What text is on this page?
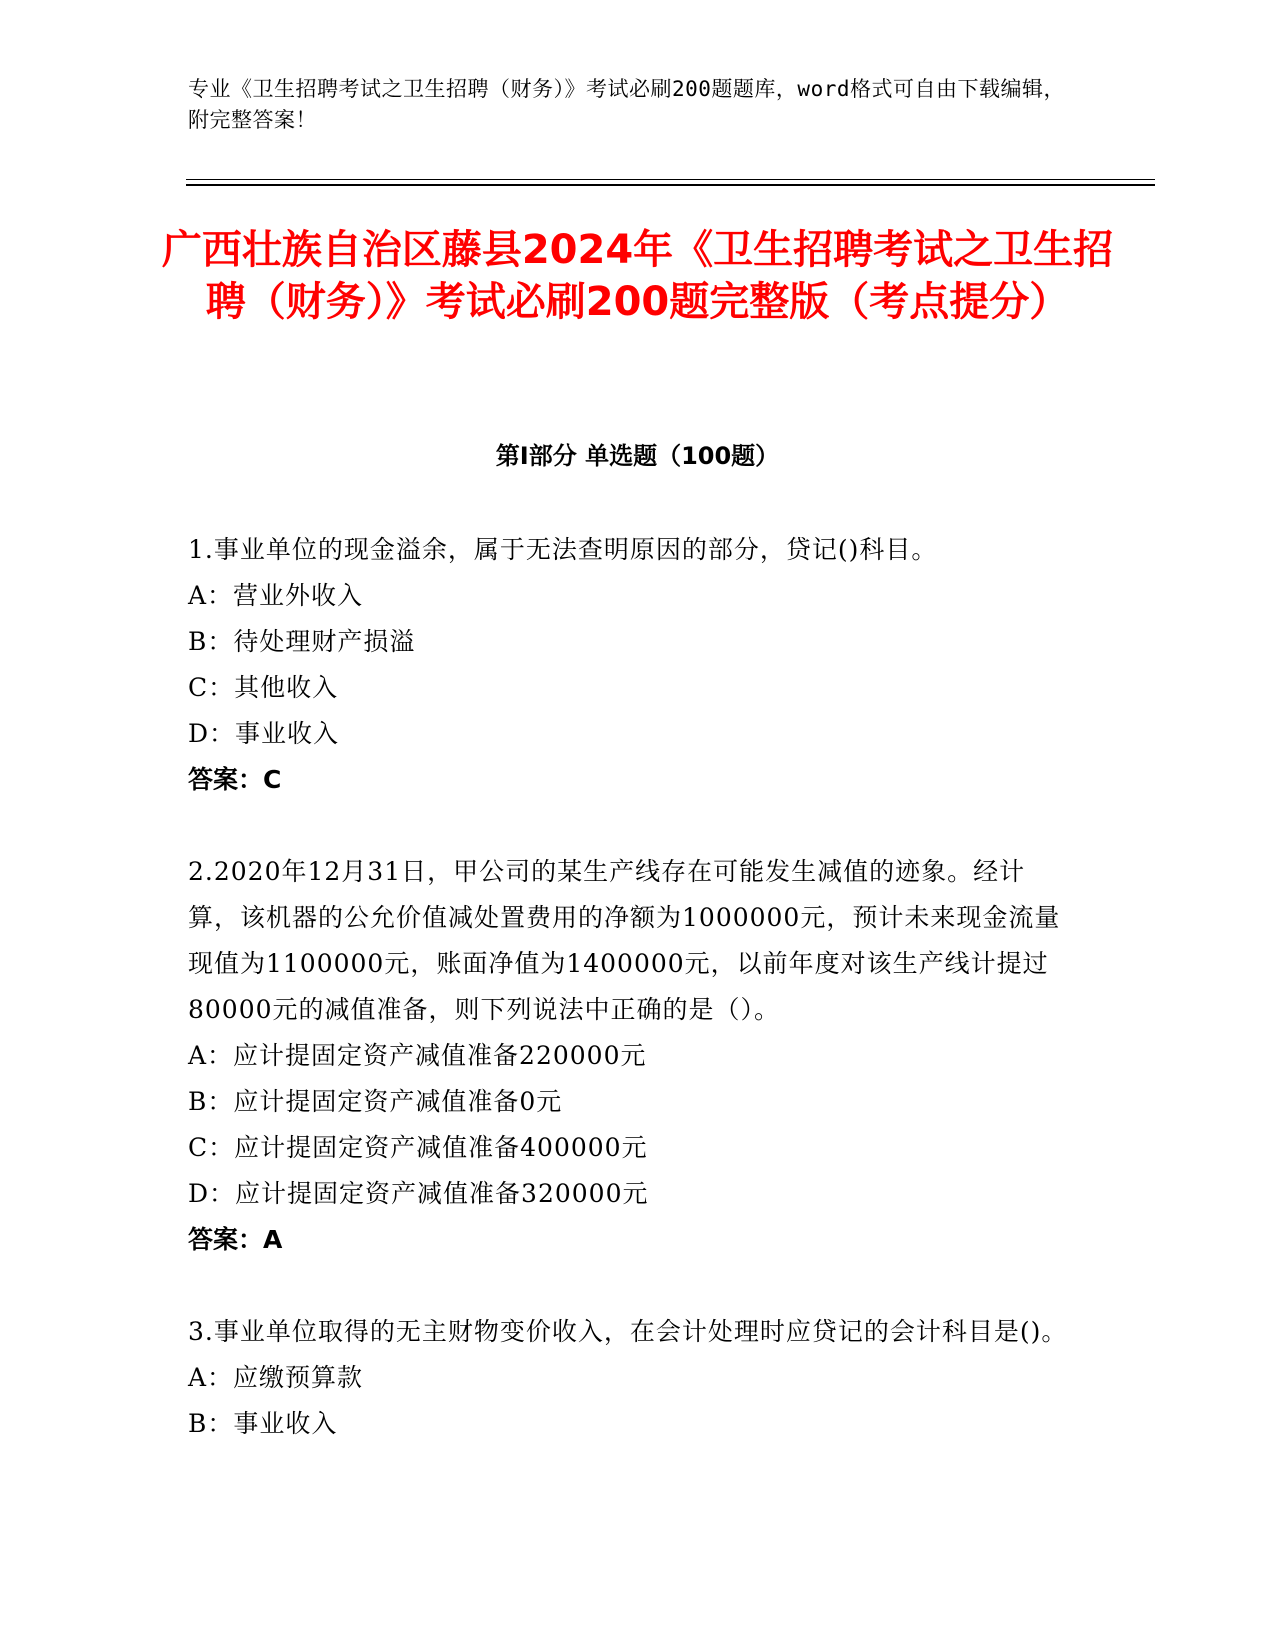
专业《卫生招聘考试之卫生招聘（财务）》考试必刷200题题库，word格式可自由下载编辑，附完整答案！
广西壮族自治区藤县2024年《卫生招聘考试之卫生招聘（财务）》考试必刷200题完整版（考点提分）
第Ⅰ部分 单选题（100题）
1.事业单位的现金溢余，属于无法查明原因的部分，贷记()科目。
A：营业外收入
B：待处理财产损溢
C：其他收入
D：事业收入
答案：C
2.2020年12月31日，甲公司的某生产线存在可能发生减值的迹象。经计算，该机器的公允价值减处置费用的净额为1000000元，预计未来现金流量现值为1100000元，账面净值为1400000元，以前年度对该生产线计提过80000元的减值准备，则下列说法中正确的是（）。
A：应计提固定资产减值准备220000元
B：应计提固定资产减值准备0元
C：应计提固定资产减值准备400000元
D：应计提固定资产减值准备320000元
答案：A
3.事业单位取得的无主财物变价收入，在会计处理时应贷记的会计科目是()。
A：应缴预算款
B：事业收入
